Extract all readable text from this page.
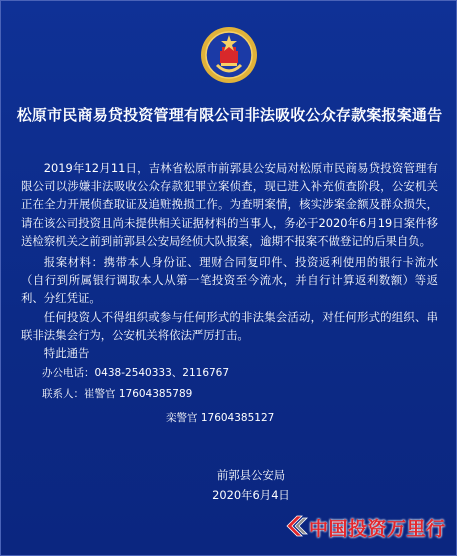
松原市民商易贷投资管理有限公司非法吸收公众存款案报案通告

2019年12月11日，吉林省松原市前郭县公安局对松原市民商易贷投资管理有限公司以涉嫌非法吸收公众存款犯罪立案侦查，现已进入补充侦查阶段，公安机关正在全力开展侦查取证及追赃挽损工作。为查明案情，核实涉案金额及群众损失，请在该公司投资且尚未提供相关证据材料的当事人，务必于2020年6月19日案件移送检察机关之前到前郭县公安局经侦大队报案，逾期不报案不做登记的后果自负。

报案材料：携带本人身份证、理财合同复印件、投资返利使用的银行卡流水（自行到所属银行调取本人从第一笔投资至今流水，并自行计算返利数额）等返利、分红凭证。

任何投资人不得组织或参与任何形式的非法集会活动，对任何形式的组织、串联非法集会行为，公安机关将依法严厉打击。

特此通告

办公电话：0438-2540333、2116767

联系人：崔警官 17604385789

栾警官 17604385127

前郭县公安局
2020年6月4日
中国投资万里行
